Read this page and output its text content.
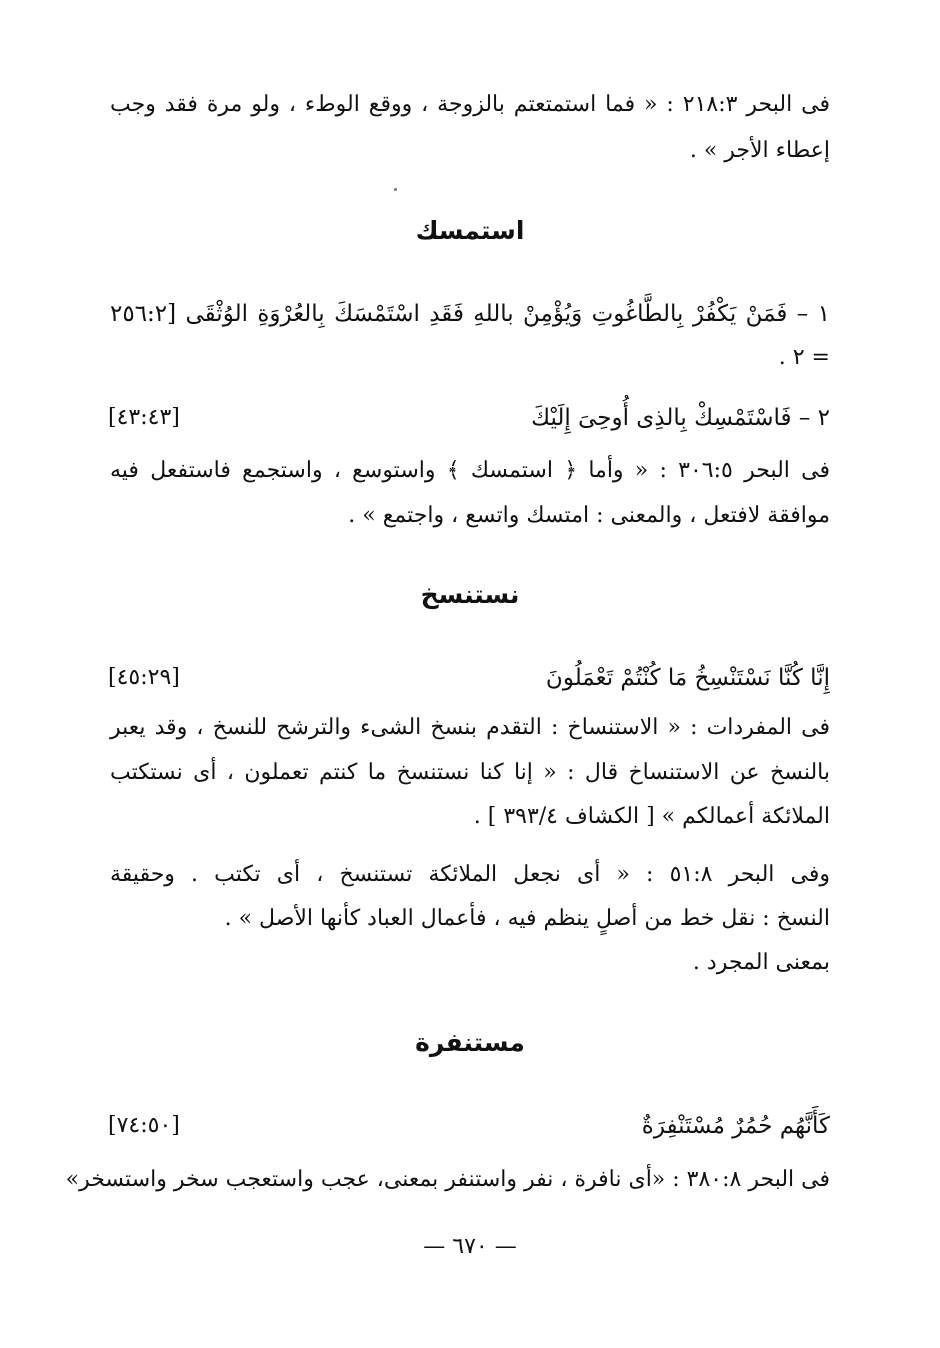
فى البحر ٢١٨:٣ : « فما استمتعتم بالزوجة ، ووقع الوطء ، ولو مرة فقد وجب
إعطاء الأجر » .
استمسك
١ – فَمَنْ يَكْفُرْ بِالطَّاغُوتِ وَيُؤْمِنْ باللهِ فَقَدِ اسْتَمْسَكَ بِالعُرْوَةِ الوُثْقَى [٢٥٦:٢
= ٢ .
٢ – فَاسْتَمْسِكْ بِالذِى أُوحِىَ إِلَيْكَ
[٤٣:٤٣]
فى البحر ٣٠٦:٥ : « وأما ﴿ استمسك ﴾ واستوسع ، واستجمع فاستفعل فيه
موافقة لافتعل ، والمعنى : امتسك واتسع ، واجتمع » .
نستنسخ
إِنَّا كُنَّا نَسْتَنْسِخُ مَا كُنْتُمْ تَعْمَلُونَ
[٤٥:٢٩]
فى المفردات : « الاستنساخ : التقدم بنسخ الشىء والترشح للنسخ ، وقد يعبر
بالنسخ عن الاستنساخ قال : « إنا كنا نستنسخ ما كنتم تعملون ، أى نستكتب
الملائكة أعمالكم » [ الكشاف ٣٩٣/٤ ] .
وفى البحر ٥١:٨ : « أى نجعل الملائكة تستنسخ ، أى تكتب . وحقيقة
النسخ : نقل خط من أصلٍ ينظم فيه ، فأعمال العباد كأنها الأصل » .
بمعنى المجرد .
مستنفرة
كَأَنَّهُم حُمُرٌ مُسْتَنْفِرَةٌ
[٧٤:٥٠]
فى البحر ٣٨٠:٨ : «أى نافرة ، نفر واستنفر بمعنى، عجب واستعجب سخر واستسخر»
— ٦٧٠ —
